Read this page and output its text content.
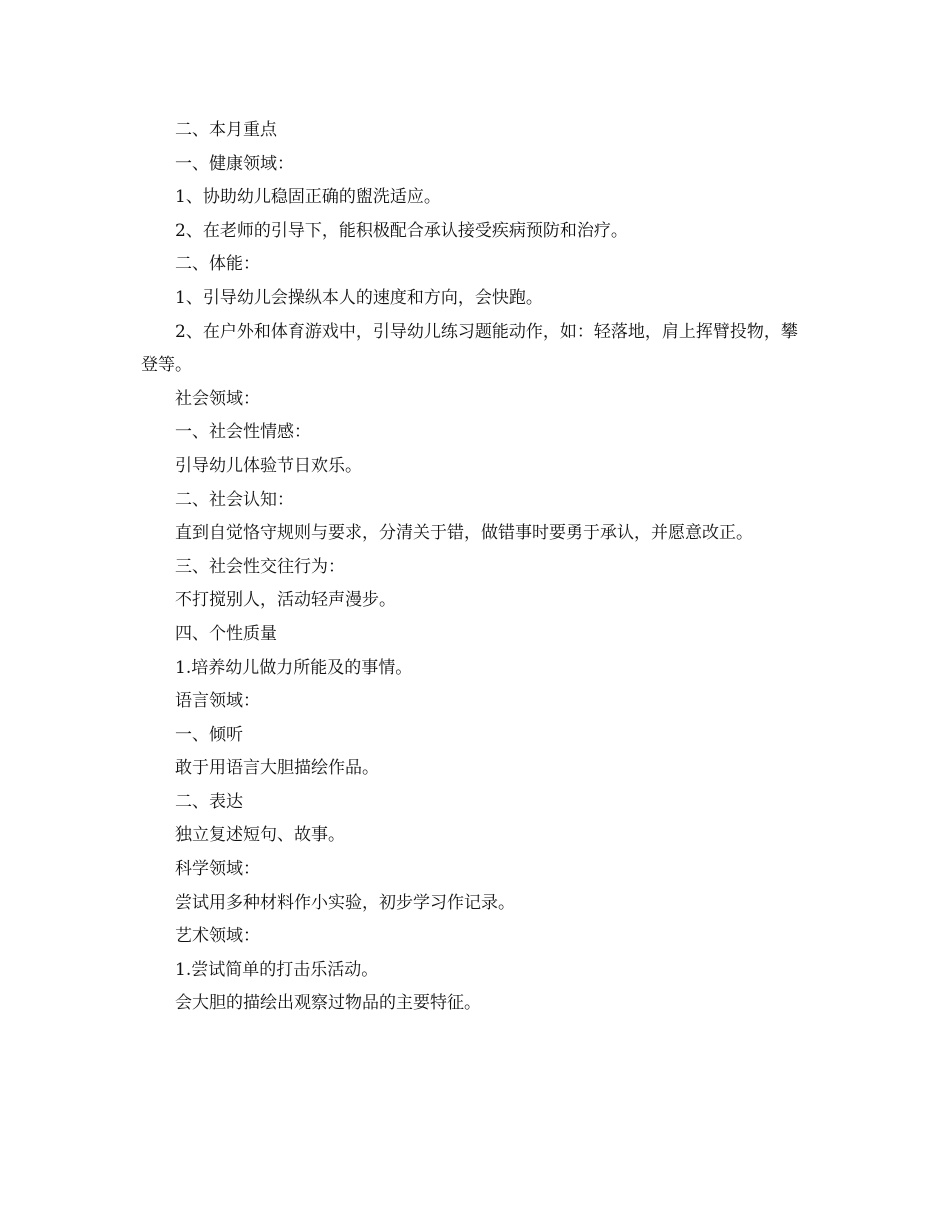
二、本月重点

一、健康领域：

1、协助幼儿稳固正确的盥洗适应。

2、在老师的引导下，能积极配合承认接受疾病预防和治疗。

二、体能：

1、引导幼儿会操纵本人的速度和方向，会快跑。

2、在户外和体育游戏中，引导幼儿练习题能动作，如：轻落地，肩上挥臂投物，攀登等。

社会领域：

一、社会性情感：

引导幼儿体验节日欢乐。

二、社会认知：

直到自觉恪守规则与要求，分清关于错，做错事时要勇于承认，并愿意改正。

三、社会性交往行为：

不打搅别人，活动轻声漫步。

四、个性质量

1.培养幼儿做力所能及的事情。

语言领域：

一、倾听

敢于用语言大胆描绘作品。

二、表达

独立复述短句、故事。

科学领域：

尝试用多种材料作小实验，初步学习作记录。

艺术领域：

1.尝试简单的打击乐活动。

会大胆的描绘出观察过物品的主要特征。
